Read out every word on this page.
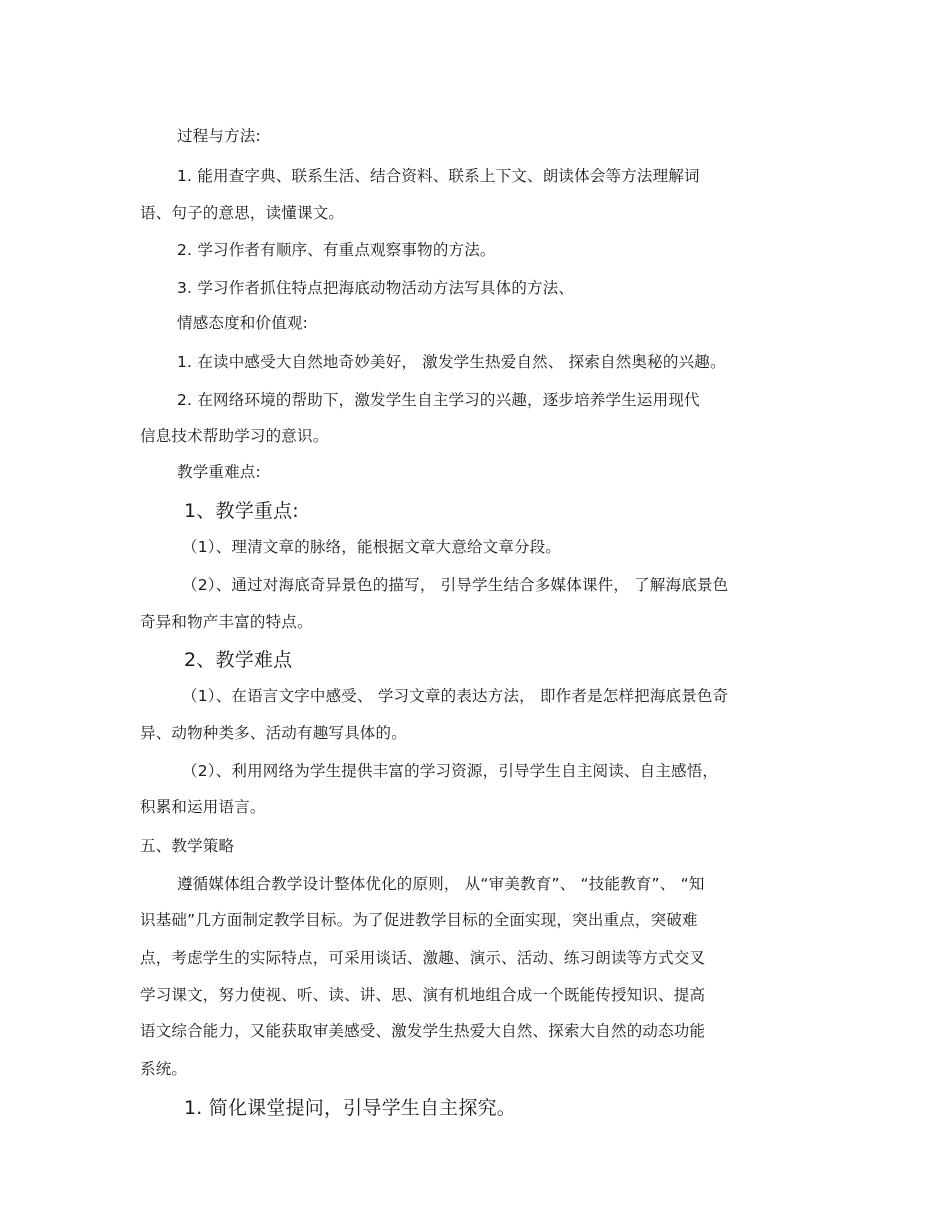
过程与方法:
1. 能用查字典、联系生活、结合资料、联系上下文、朗读体会等方法理解词
语、句子的意思，读懂课文。
2. 学习作者有顺序、有重点观察事物的方法。
3. 学习作者抓住特点把海底动物活动方法写具体的方法、
情感态度和价值观:
1. 在读中感受大自然地奇妙美好， 激发学生热爱自然、 探索自然奥秘的兴趣。
2. 在网络环境的帮助下，激发学生自主学习的兴趣，逐步培养学生运用现代
信息技术帮助学习的意识。
教学重难点:
1、教学重点:
（1）、理清文章的脉络，能根据文章大意给文章分段。
（2）、通过对海底奇异景色的描写， 引导学生结合多媒体课件， 了解海底景色
奇异和物产丰富的特点。
2、教学难点
（1）、在语言文字中感受、 学习文章的表达方法， 即作者是怎样把海底景色奇
异、动物种类多、活动有趣写具体的。
（2）、利用网络为学生提供丰富的学习资源，引导学生自主阅读、自主感悟，
积累和运用语言。
五、教学策略
遵循媒体组合教学设计整体优化的原则， 从“审美教育”、 “技能教育”、 “知
识基础”几方面制定教学目标。为了促进教学目标的全面实现，突出重点，突破难
点，考虑学生的实际特点，可采用谈话、激趣、演示、活动、练习朗读等方式交叉
学习课文，努力使视、听、读、讲、思、演有机地组合成一个既能传授知识、提高
语文综合能力，又能获取审美感受、激发学生热爱大自然、探索大自然的动态功能
系统。
1. 简化课堂提问，引导学生自主探究。
